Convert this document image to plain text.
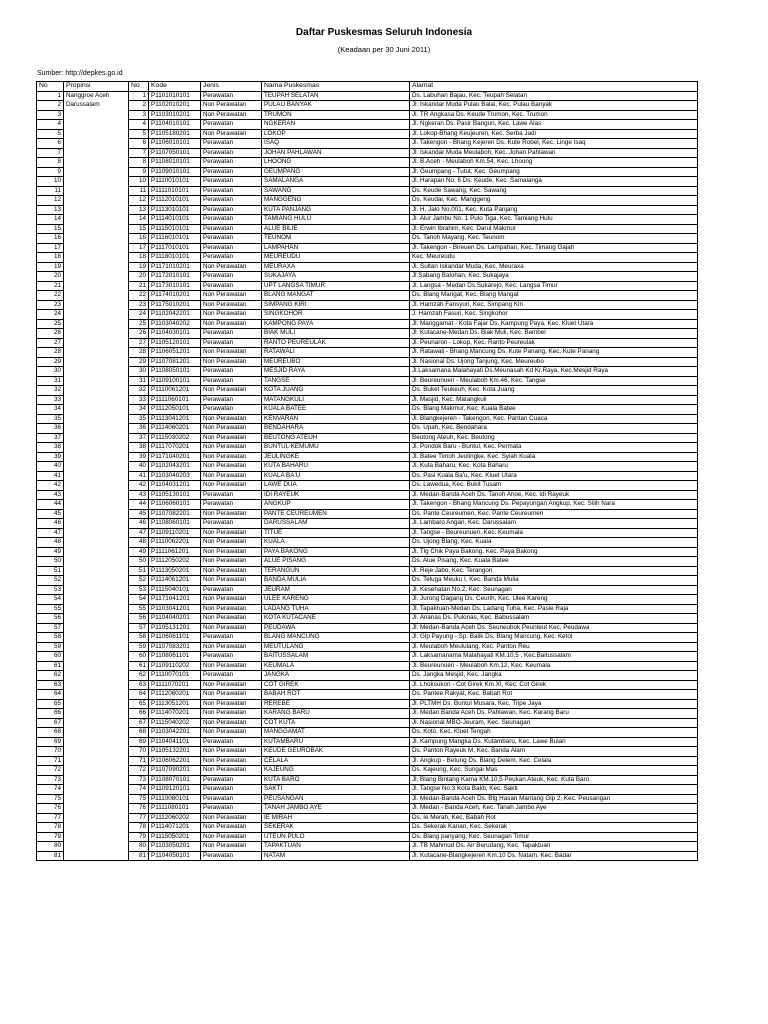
Daftar Puskesmas Seluruh Indonesia
(Keadaan per 30 Juni 2011)
Sumber: http://depkes.go.id
No	Propinsi	No	Kode	Jenis	Nama Puskesmas	Alamat
1	Nanggroe Aceh	1	P1101010101	Perawatan	TEUPAH SELATAN	Ds. Labuhan Bajau, Kec. Teupah Selatan
2	Darussalam	2	P1102010201	Non Perawatan	PULAU BANYAK	Jl. Iskandar Muda Pulau Balai, Kec. Pulau Banyak
3		3	P1103010201	Non Perawatan	TRUMON	Jl. TR Angkasa Ds. Keude Trumon, Kec. Trumon
4		4	P1104010101	Perawatan	NGKERAN	Jl. Ngkeran Ds. Pasir Bangun, Kec. Lawe Alas
5		5	P1105180201	Non Perawatan	LOKOP	Jl. Lokop-Bhang Keujeuren, Kec. Serba Jadi
6		6	P1106010101	Perawatan	ISAQ	Jl. Takengon - Bhang Kejeren Ds. Kute Robel, Kec. Linge Isaq
7		7	P1107050101	Perawatan	JOHAN PAHLAWAN	Jl. Iskandar Muda Meulaboh, Kec. Johan Pahlawan
8		8	P1108010101	Perawatan	LHOONG	Jl. B.Aceh - Meulaboh Km.54, Kec. Lhoong
9		9	P1109010101	Perawatan	GEUMPANG	Jl. Geumpang - Tutut, Kec. Geumpang
10		10	P1110010101	Perawatan	SAMALANGA	Jl. Harapan No. 6 Ds. Keude, Kec. Samalanga
11		11	P1111010101	Perawatan	SAWANG	Ds. Keude Sawang, Kec. Sawang
12		12	P1112010101	Perawatan	MANGGENG	Ds. Keudai, Kec. Manggeng
13		13	P1113010101	Perawatan	KUTA PANJANG	Jl. H. Jalo No.001, Kec. Kuta Panjang
14		14	P1114010101	Perawatan	TAMIANG HULU	Jl. Alur Jambu No. 1 Pulo Tiga, Kec. Tamiang Hulu
15		15	P1115010101	Perawatan	ALUE BILIE	Jl. Erwin Ibrahim, Kec. Darul Makmur
16		16	P1116010101	Perawatan	TEUNOM	Ds. Tanoh Mayang, Kec. Teunom
17		17	P1117010101	Perawatan	LAMPAHAN	Jl. Takengon - Bireuen Ds. Lampahan, Kec. Timang Gajah
18		18	P1118010101	Perawatan	MEUREUDU	Kec. Meureudu
19		19	P1171010201	Non Perawatan	MEURAXA	Jl. Sultan Iskandar Muda, Kec. Meuraxa
20		20	P1172010101	Perawatan	SUKAJAYA	Jl.Sabang Balohan, Kec. Sukajaya
21		21	P1173010101	Perawatan	UPT LANGSA TIMUR	Jl. Langsa - Medan Ds.Sukarejo, Kec. Langsa Timur
22		22	P1174010201	Non Perawatan	BLANG MANGAT	Ds. Blang Mangat, Kec. Blang Mangat
23		23	P1175010201	Non Perawatan	SIMPANG KIRI	Jl. Hamzah Fansyuri, Kec. Simpang Kiri
24		24	P1102042201	Non Perawatan	SINGKOHOR	J. Hamzah Fasuri, Kec. Singkohor
25		25	P1103040202	Non Perawatan	KAMPONG PAYA	Jl. Manggamat - Kota Fajar Ds. Kampung Paya, Kec. Kluet Utara
26		26	P1104030101	Perawatan	BIAK MULI	Jl. Kutacane-Medan Ds. Biak Muli, Kec. Bambel
27		27	P1105120101	Perawatan	RANTO PEUREULAK	Jl. Peunaron - Lokop, Kec. Ranto Peureulak
28		28	P1106051201	Non Perawatan	RATAWALI	Jl. Ratawali - Bhang Mancung Ds. Kute Panang, Kec. Kute Panang
29		29	P1107081201	Non Perawatan	MEUREUBO	Jl. Nasional Ds. Ujong Tanjung, Kec. Meureubo
30		30	P1108050101	Perawatan	MESJID RAYA	Jl.Laksamana Malahayati Ds.Meunasah Kd Kr.Raya, Kec.Mesjid Raya
31		31	P1109100101	Perawatan	TANGSE	Jl. Beureunuen - Meulaboh Km.46, Kec. Tangse
32		32	P1110061201	Non Perawatan	KOTA JUANG	Ds. Buket Teukeuh, Kec. Kota Juang
33		33	P1111060101	Perawatan	MATANGKULI	Jl. Masjid, Kec. Matangkuli
34		34	P1112050101	Perawatan	KUALA BATEE	Ds. Blang Makmur, Kec. Kuala Batee
35		35	P1113041201	Non Perawatan	KENVARAN	Jl. Blangkejeren - Takengon, Kec. Pantan Cuaca
36		36	P1114060201	Non Perawatan	BENDAHARA	Ds. Upah, Kec. Bendahara
37		37	P1115030202	Non Perawatan	BEUTONG ATEUH	Beutong Ateuh, Kec. Beutong
38		38	P1117070201	Non Perawatan	BUNTUL KEMUMU	Jl. Pondok Baru - Buntul, Kec. Permata
39		39	P1171040201	Non Perawatan	JEULINGKE	Jl. Batee Timoh Jeulingke, Kec. Syiah Kuala
40		40	P1102043201	Non Perawatan	KUTA BAHARU	Jl. Kuta Baharu, Kec. Kota Baharu
41		41	P1103040203	Non Perawatan	KUALA BA'U	Ds. Pasi Kuala Ba'u, Kec. Kluet Utara
42		42	P1104031201	Non Perawatan	LAWE DUA	Ds. Lawedua, Kec. Bukit Tusam
43		43	P1105130101	Perawatan	IDI RAYEUK	Jl. Medan-Banda Aceh Ds. Tanoh Anoe, Kec. Idi Rayeuk
44		44	P1106060101	Perawatan	ANGKUP	Jl. Takengon - Bhang Mancung Ds. Pepayungan Angkup, Kec. Silih Nara
45		45	P1107082201	Non Perawatan	PANTE CEUREUMEN	Ds. Pante Ceureumen, Kec. Pante Ceureumen
46		46	P1108060101	Perawatan	DARUSSALAM	Jl. Lambaro Angan, Kec. Darussalam
47		47	P1109110201	Non Perawatan	TITUE	Jl. Tangse - Beureunuen, Kec. Keumala
48		48	P1110062201	Non Perawatan	KUALA	Ds. Ujong Blang, Kec. Kuala
49		49	P1111061201	Non Perawatan	PAYA BAKONG	Jl. Tlg Chik Paya Bakong, Kec. Paya Bakong
50		50	P1112050202	Non Perawatan	ALUE PISANG	Ds. Alue Pisang, Kec. Kuala Batee
51		51	P1113050201	Non Perawatan	TERANGUN	Jl. Reje Jabo, Kec. Terangon
52		52	P1114061201	Non Perawatan	BANDA MULIA	Ds. Teluga Meuku I, Kec. Banda Mulia
53		53	P1115040101	Perawatan	JEURAM	Jl. Kesehatan No.2, Kec. Seunagan
54		54	P1171041201	Non Perawatan	ULEE KARENG	Jl. Jurong Dagang Ds. Ceurih, Kec. Ulee Kareng
55		55	P1103041201	Non Perawatan	LADANG TUHA	Jl. Tapaktuan-Medan Ds. Ladang Tuha, Kec. Pasie Raja
56		56	P1104040201	Non Perawatan	KOTA KUTACANE	Jl. Ananas Ds. Pulonas, Kec. Babussalam
57		57	P1105131201	Non Perawatan	PEUDAWA	Jl. Medan-Banda Aceh Ds. Seuneubok Peunteut Kec. Peudawa
58		58	P1106061101	Perawatan	BLANG MANCUNG	Jl. Glp Payung - Sp. Balik Ds. Blang Mancung, Kec. Ketol
59		59	P1107083201	Non Perawatan	MEUTULANG	Jl. Meulaboh Meululang, Kec. Panton Reu
60		60	P1108061101	Perawatan	BAITUSSALAM	Jl. Laksamanama Malahayati KM.10,5 , Kec.Baitussalam
61		61	P1109110202	Non Perawatan	KEUMALA	Jl. Beureunuen - Meulaboh Km.12, Kec. Keumala
62		62	P1110070101	Perawatan	JANGKA	Ds. Jangka Mesjid, Kec. Jangka
63		63	P1111070201	Non Perawatan	COT GIREK	Jl. Lhoksukon - Cot Girek Km.XI, Kec. Cot Girek
64		64	P1112060201	Non Perawatan	BABAH ROT	Ds. Pantee Rakyat, Kec. Babah Rot
65		65	P1113051201	Non Perawatan	REREBE	Jl. PLTMH Ds. Buntul Musara, Kec. Tripe Jaya
66		66	P1114070201	Non Perawatan	KARANG BARU	Jl. Medan Banda Aceh Ds. Pahlawan, Kec. Karang Baru
67		67	P1115040202	Non Perawatan	COT KUTA	Jl. Nasional MBO-Jeuram, Kec. Seunagan
68		68	P1103042201	Non Perawatan	MANGGAMAT	Ds. Koto, Kec. Kluet Tengah
69		69	P1104041101	Perawatan	KUTAMBARU	Jl. Kampung Mangka Ds. Kutambaru, Kec. Lawe Bulan
70		70	P1105132201	Non Perawatan	KEUDE GEUROBAK	Ds. Panton Rayeuk M, Kec. Banda Alam
71		71	P1106062201	Non Perawatan	CELALA	Jl. Angkup - Betung Ds. Blang Delem, Kec. Celala
72		72	P1107090201	Non Perawatan	KAJEUNG	Ds. Kajeung, Kec. Sungai Mas
73		73	P1108070101	Perawatan	KUTA BARO	Jl. Blang Bintang Kama KM.10,5 Peukan Ateuk, Kec. Kuta Baro
74		74	P1109120101	Perawatan	SAKTI	Jl. Tangse No.3 Kota Bakti, Kec. Sakti
75		75	P1110080101	Perawatan	PEUSANGAN	Jl. Medan-Banda Aceh Ds. Blg Hasan Mantang Glp 2, Kec. Peusangan
76		76	P1111080101	Perawatan	TANAH JAMBO AYE	Jl. Medan - Banda Aceh, Kec. Tanah Jambo Aye
77		77	P1112060202	Non Perawatan	IE MIRAH	Ds. Ie Merah, Kec. Babah Rot
78		78	P1114071201	Non Perawatan	SEKERAK	Ds. Sekerak Kanan, Kec. Sekerak
79		79	P1115050201	Non Perawatan	UTEUN PULO	Ds. Blang panyang, Kec. Seunagan Timur
80		80	P1103050201	Non Perawatan	TAPAKTUAN	Jl. TB Mahmud Ds. Air Berudang, Kec. Tapaktuan
81		81	P1104050101	Perawatan	NATAM	Jl. Kutacane-Blangkejeren Km.10 Ds. Natam, Kec. Badar
